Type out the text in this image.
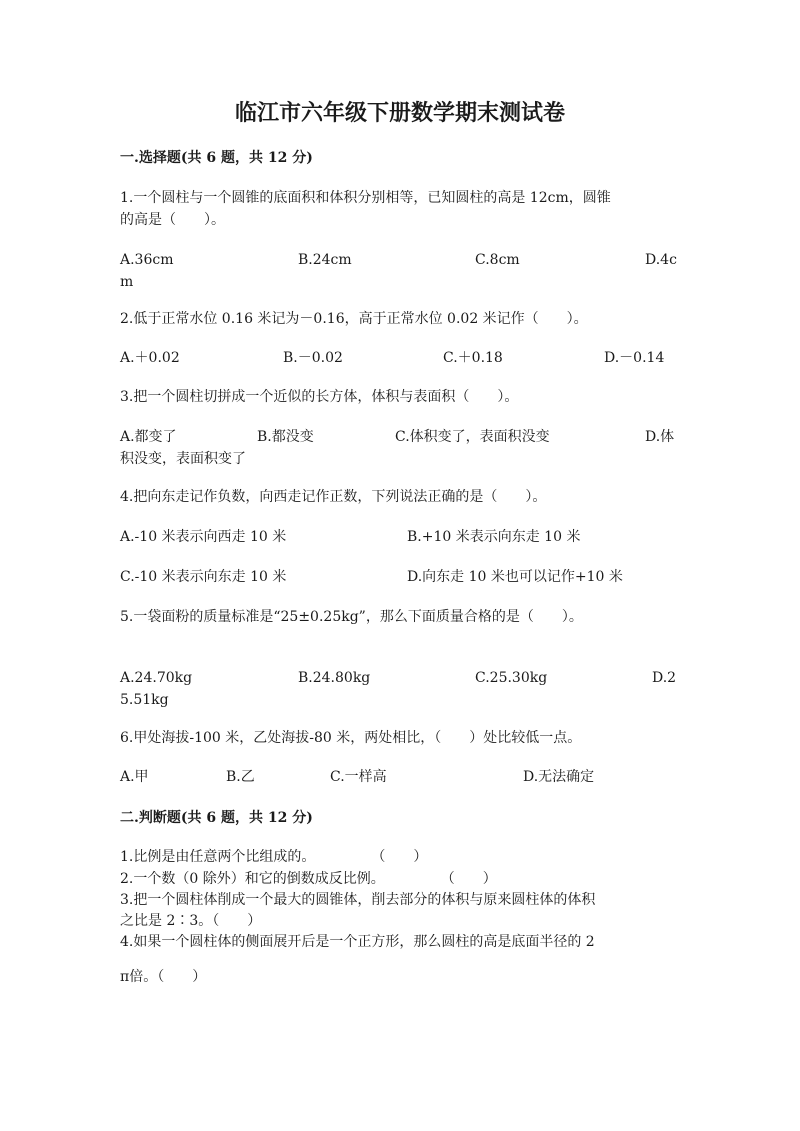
临江市六年级下册数学期末测试卷
一.选择题(共 6 题，共 12 分)
1.一个圆柱与一个圆锥的底面积和体积分别相等，已知圆柱的高是 12cm，圆锥
的高是（　　）。
A.36cm	B.24cm	C.8cm	D.4c
m
2.低于正常水位 0.16 米记为－0.16，高于正常水位 0.02 米记作（　　）。
A.＋0.02	B.－0.02	C.＋0.18	D.－0.14
3.把一个圆柱切拼成一个近似的长方体，体积与表面积（　　）。
A.都变了	B.都没变	C.体积变了，表面积没变	D.体
积没变，表面积变了
4.把向东走记作负数，向西走记作正数，下列说法正确的是（　　）。
A.-10 米表示向西走 10 米	B.+10 米表示向东走 10 米
C.-10 米表示向东走 10 米	D.向东走 10 米也可以记作+10 米
5.一袋面粉的质量标准是“25±0.25kg”，那么下面质量合格的是（　　）。
A.24.70kg	B.24.80kg	C.25.30kg	D.2
5.51kg
6.甲处海拔-100 米，乙处海拔-80 米，两处相比，（　　）处比较低一点。
A.甲	B.乙	C.一样高	D.无法确定
二.判断题(共 6 题，共 12 分)
1.比例是由任意两个比组成的。　　　　　（　　）
2.一个数（0 除外）和它的倒数成反比例。　　　　　（　　）
3.把一个圆柱体削成一个最大的圆锥体，削去部分的体积与原来圆柱体的体积
之比是 2∶3。（　　）
4.如果一个圆柱体的侧面展开后是一个正方形，那么圆柱的高是底面半径的 2
π倍。（　　）
